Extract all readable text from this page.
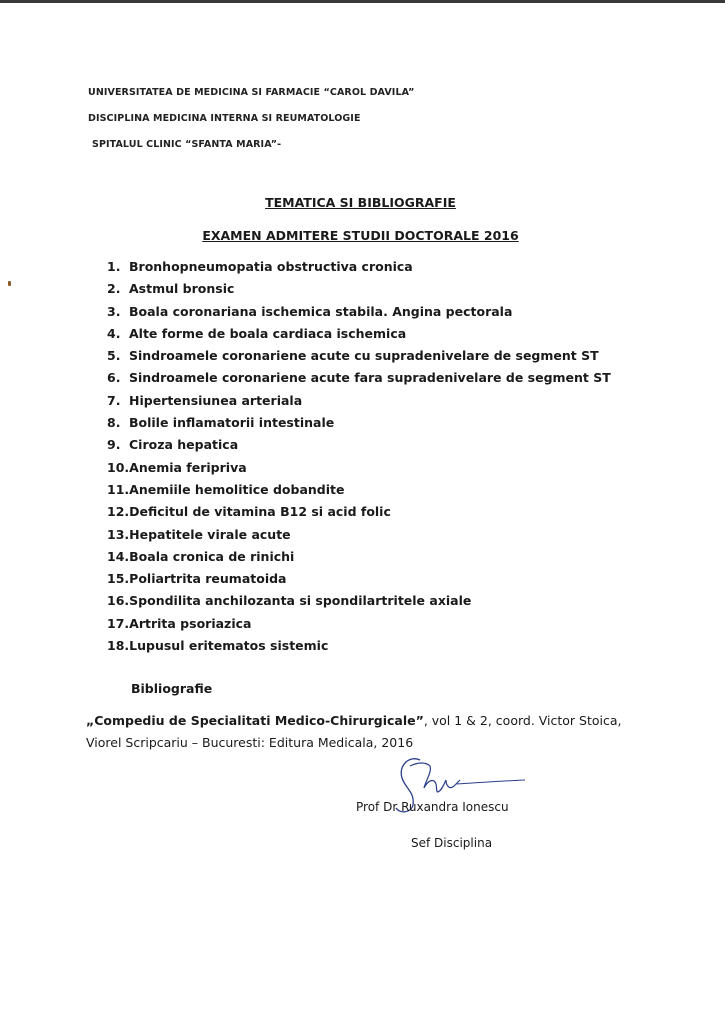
UNIVERSITATEA DE MEDICINA SI FARMACIE “CAROL DAVILA”
DISCIPLINA MEDICINA INTERNA SI REUMATOLOGIE
SPITALUL CLINIC “SFANTA MARIA”-
TEMATICA SI BIBLIOGRAFIE
EXAMEN ADMITERE STUDII DOCTORALE 2016
1. Bronhopneumopatia obstructiva cronica
2. Astmul bronsic
3. Boala coronariana ischemica stabila. Angina pectorala
4. Alte forme de boala cardiaca ischemica
5. Sindroamele coronariene acute cu supradenivelare de segment ST
6. Sindroamele coronariene acute fara supradenivelare de segment ST
7. Hipertensiunea arteriala
8. Bolile inflamatorii intestinale
9. Ciroza hepatica
10.Anemia feripriva
11.Anemiile hemolitice dobandite
12.Deficitul de vitamina B12 si acid folic
13.Hepatitele virale acute
14.Boala cronica de rinichi
15.Poliartrita reumatoida
16.Spondilita anchilozanta si spondilartritele axiale
17.Artrita psoriazica
18.Lupusul eritematos sistemic
Bibliografie
„Compediu de Specialitati Medico-Chirurgicale”, vol 1 & 2, coord. Victor Stoica,
Viorel Scripcariu – Bucuresti: Editura Medicala, 2016
Prof Dr Ruxandra Ionescu
Sef Disciplina
